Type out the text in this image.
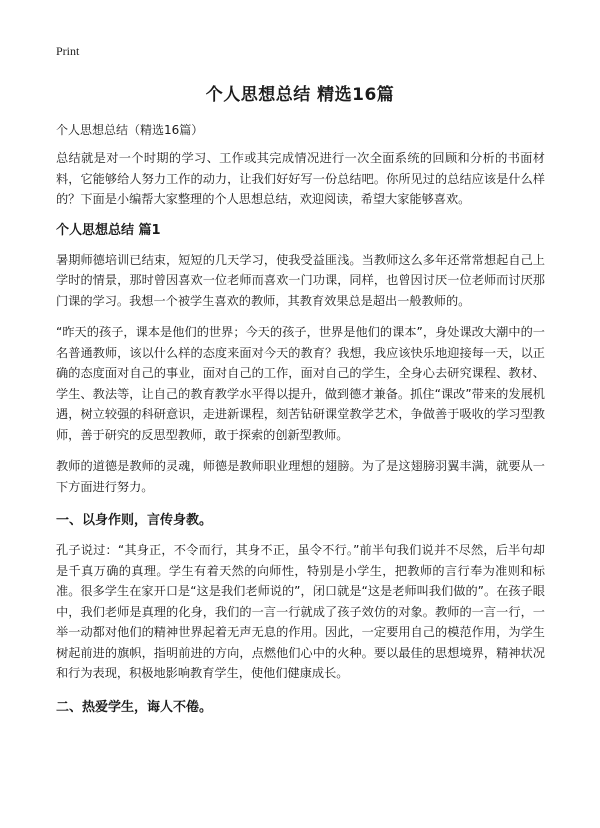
Print
个人思想总结 精选16篇

个人思想总结（精选16篇）

总结就是对一个时期的学习、工作或其完成情况进行一次全面系统的回顾和分析的书面材料，它能够给人努力工作的动力，让我们好好写一份总结吧。你所见过的总结应该是什么样的？下面是小编帮大家整理的个人思想总结，欢迎阅读，希望大家能够喜欢。

个人思想总结 篇1

暑期师德培训已结束，短短的几天学习，使我受益匪浅。当教师这么多年还常常想起自己上学时的情景，那时曾因喜欢一位老师而喜欢一门功课，同样，也曾因讨厌一位老师而讨厌那门课的学习。我想一个被学生喜欢的教师，其教育效果总是超出一般教师的。

“昨天的孩子，课本是他们的世界；今天的孩子，世界是他们的课本”，身处课改大潮中的一名普通教师，该以什么样的态度来面对今天的教育？我想，我应该快乐地迎接每一天，以正确的态度面对自己的事业，面对自己的工作，面对自己的学生，全身心去研究课程、教材、学生、教法等，让自己的教育教学水平得以提升，做到德才兼备。抓住“课改”带来的发展机遇，树立较强的科研意识，走进新课程，刻苦钻研课堂教学艺术，争做善于吸收的学习型教师，善于研究的反思型教师，敢于探索的创新型教师。

教师的道德是教师的灵魂，师德是教师职业理想的翅膀。为了是这翅膀羽翼丰满，就要从一下方面进行努力。

一、以身作则，言传身教。

孔子说过：“其身正，不令而行，其身不正，虽令不行。”前半句我们说并不尽然，后半句却是千真万确的真理。学生有着天然的向师性，特别是小学生，把教师的言行奉为准则和标准。很多学生在家开口是“这是我们老师说的”，闭口就是“这是老师叫我们做的”。在孩子眼中，我们老师是真理的化身，我们的一言一行就成了孩子效仿的对象。教师的一言一行，一举一动都对他们的精神世界起着无声无息的作用。因此，一定要用自己的模范作用，为学生树起前进的旗帜，指明前进的方向，点燃他们心中的火种。要以最佳的思想境界，精神状况和行为表现，积极地影响教育学生，使他们健康成长。

二、热爱学生，诲人不倦。
